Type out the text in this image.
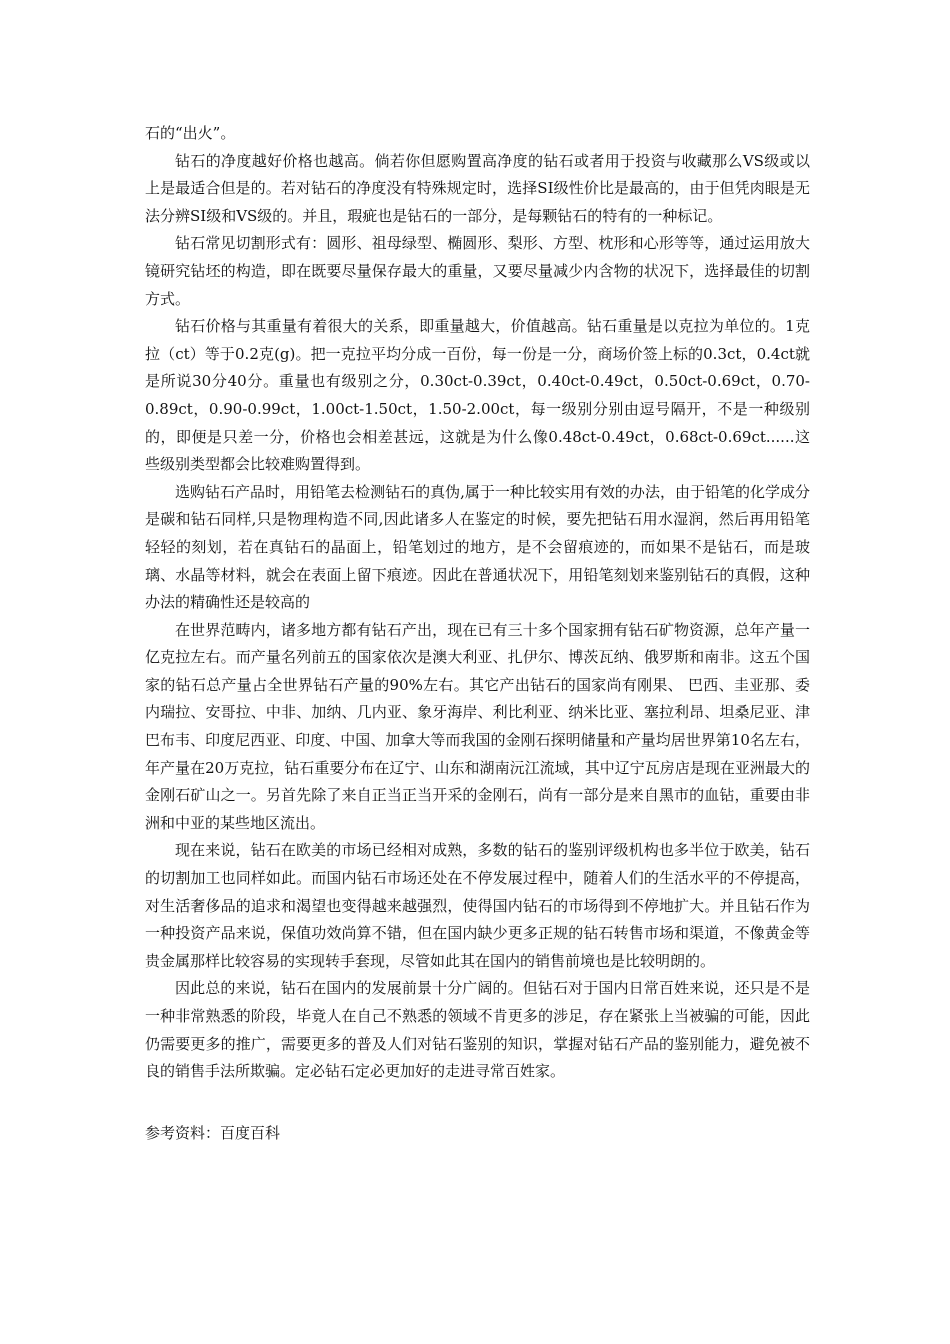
石的“出火”。

钻石的净度越好价格也越高。倘若你但愿购置高净度的钻石或者用于投资与收藏那么VS级或以上是最适合但是的。若对钻石的净度没有特殊规定时，选择SI级性价比是最高的，由于但凭肉眼是无法分辨SI级和VS级的。并且，瑕疵也是钻石的一部分，是每颗钻石的特有的一种标记。

钻石常见切割形式有：圆形、祖母绿型、椭圆形、梨形、方型、枕形和心形等等，通过运用放大镜研究钻坯的构造，即在既要尽量保存最大的重量，又要尽量减少内含物的状况下，选择最佳的切割方式。

钻石价格与其重量有着很大的关系，即重量越大，价值越高。钻石重量是以克拉为单位的。1克拉（ct）等于0.2克(g)。把一克拉平均分成一百份，每一份是一分，商场价签上标的0.3ct，0.4ct就是所说30分40分。重量也有级别之分，0.30ct-0.39ct，0.40ct-0.49ct，0.50ct-0.69ct，0.70-0.89ct，0.90-0.99ct，1.00ct-1.50ct，1.50-2.00ct，每一级别分别由逗号隔开，不是一种级别的，即便是只差一分，价格也会相差甚远，这就是为什么像0.48ct-0.49ct，0.68ct-0.69ct......这些级别类型都会比较难购置得到。

选购钻石产品时，用铅笔去检测钻石的真伪,属于一种比较实用有效的办法，由于铅笔的化学成分是碳和钻石同样,只是物理构造不同,因此诸多人在鉴定的时候，要先把钻石用水湿润，然后再用铅笔轻轻的刻划，若在真钻石的晶面上，铅笔划过的地方，是不会留痕迹的，而如果不是钻石，而是玻璃、水晶等材料，就会在表面上留下痕迹。因此在普通状况下，用铅笔刻划来鉴别钻石的真假，这种办法的精确性还是较高的

在世界范畴内，诸多地方都有钻石产出，现在已有三十多个国家拥有钻石矿物资源，总年产量一亿克拉左右。而产量名列前五的国家依次是澳大利亚、扎伊尔、博茨瓦纳、俄罗斯和南非。这五个国家的钻石总产量占全世界钻石产量的90%左右。其它产出钻石的国家尚有刚果、 巴西、圭亚那、委内瑞拉、安哥拉、中非、加纳、几内亚、象牙海岸、利比利亚、纳米比亚、塞拉利昂、坦桑尼亚、津巴布韦、印度尼西亚、印度、中国、加拿大等而我国的金刚石探明储量和产量均居世界第10名左右，年产量在20万克拉，钻石重要分布在辽宁、山东和湖南沅江流域，其中辽宁瓦房店是现在亚洲最大的金刚石矿山之一。另首先除了来自正当正当开采的金刚石，尚有一部分是来自黑市的血钻，重要由非洲和中亚的某些地区流出。

现在来说，钻石在欧美的市场已经相对成熟，多数的钻石的鉴别评级机构也多半位于欧美，钻石的切割加工也同样如此。而国内钻石市场还处在不停发展过程中，随着人们的生活水平的不停提高，对生活奢侈品的追求和渴望也变得越来越强烈，使得国内钻石的市场得到不停地扩大。并且钻石作为一种投资产品来说，保值功效尚算不错，但在国内缺少更多正规的钻石转售市场和渠道，不像黄金等贵金属那样比较容易的实现转手套现，尽管如此其在国内的销售前境也是比较明朗的。

因此总的来说，钻石在国内的发展前景十分广阔的。但钻石对于国内日常百姓来说，还只是不是一种非常熟悉的阶段，毕竟人在自己不熟悉的领域不肯更多的涉足，存在紧张上当被骗的可能，因此仍需要更多的推广，需要更多的普及人们对钻石鉴别的知识，掌握对钻石产品的鉴别能力，避免被不良的销售手法所欺骗。定必钻石定必更加好的走进寻常百姓家。

参考资料：百度百科
